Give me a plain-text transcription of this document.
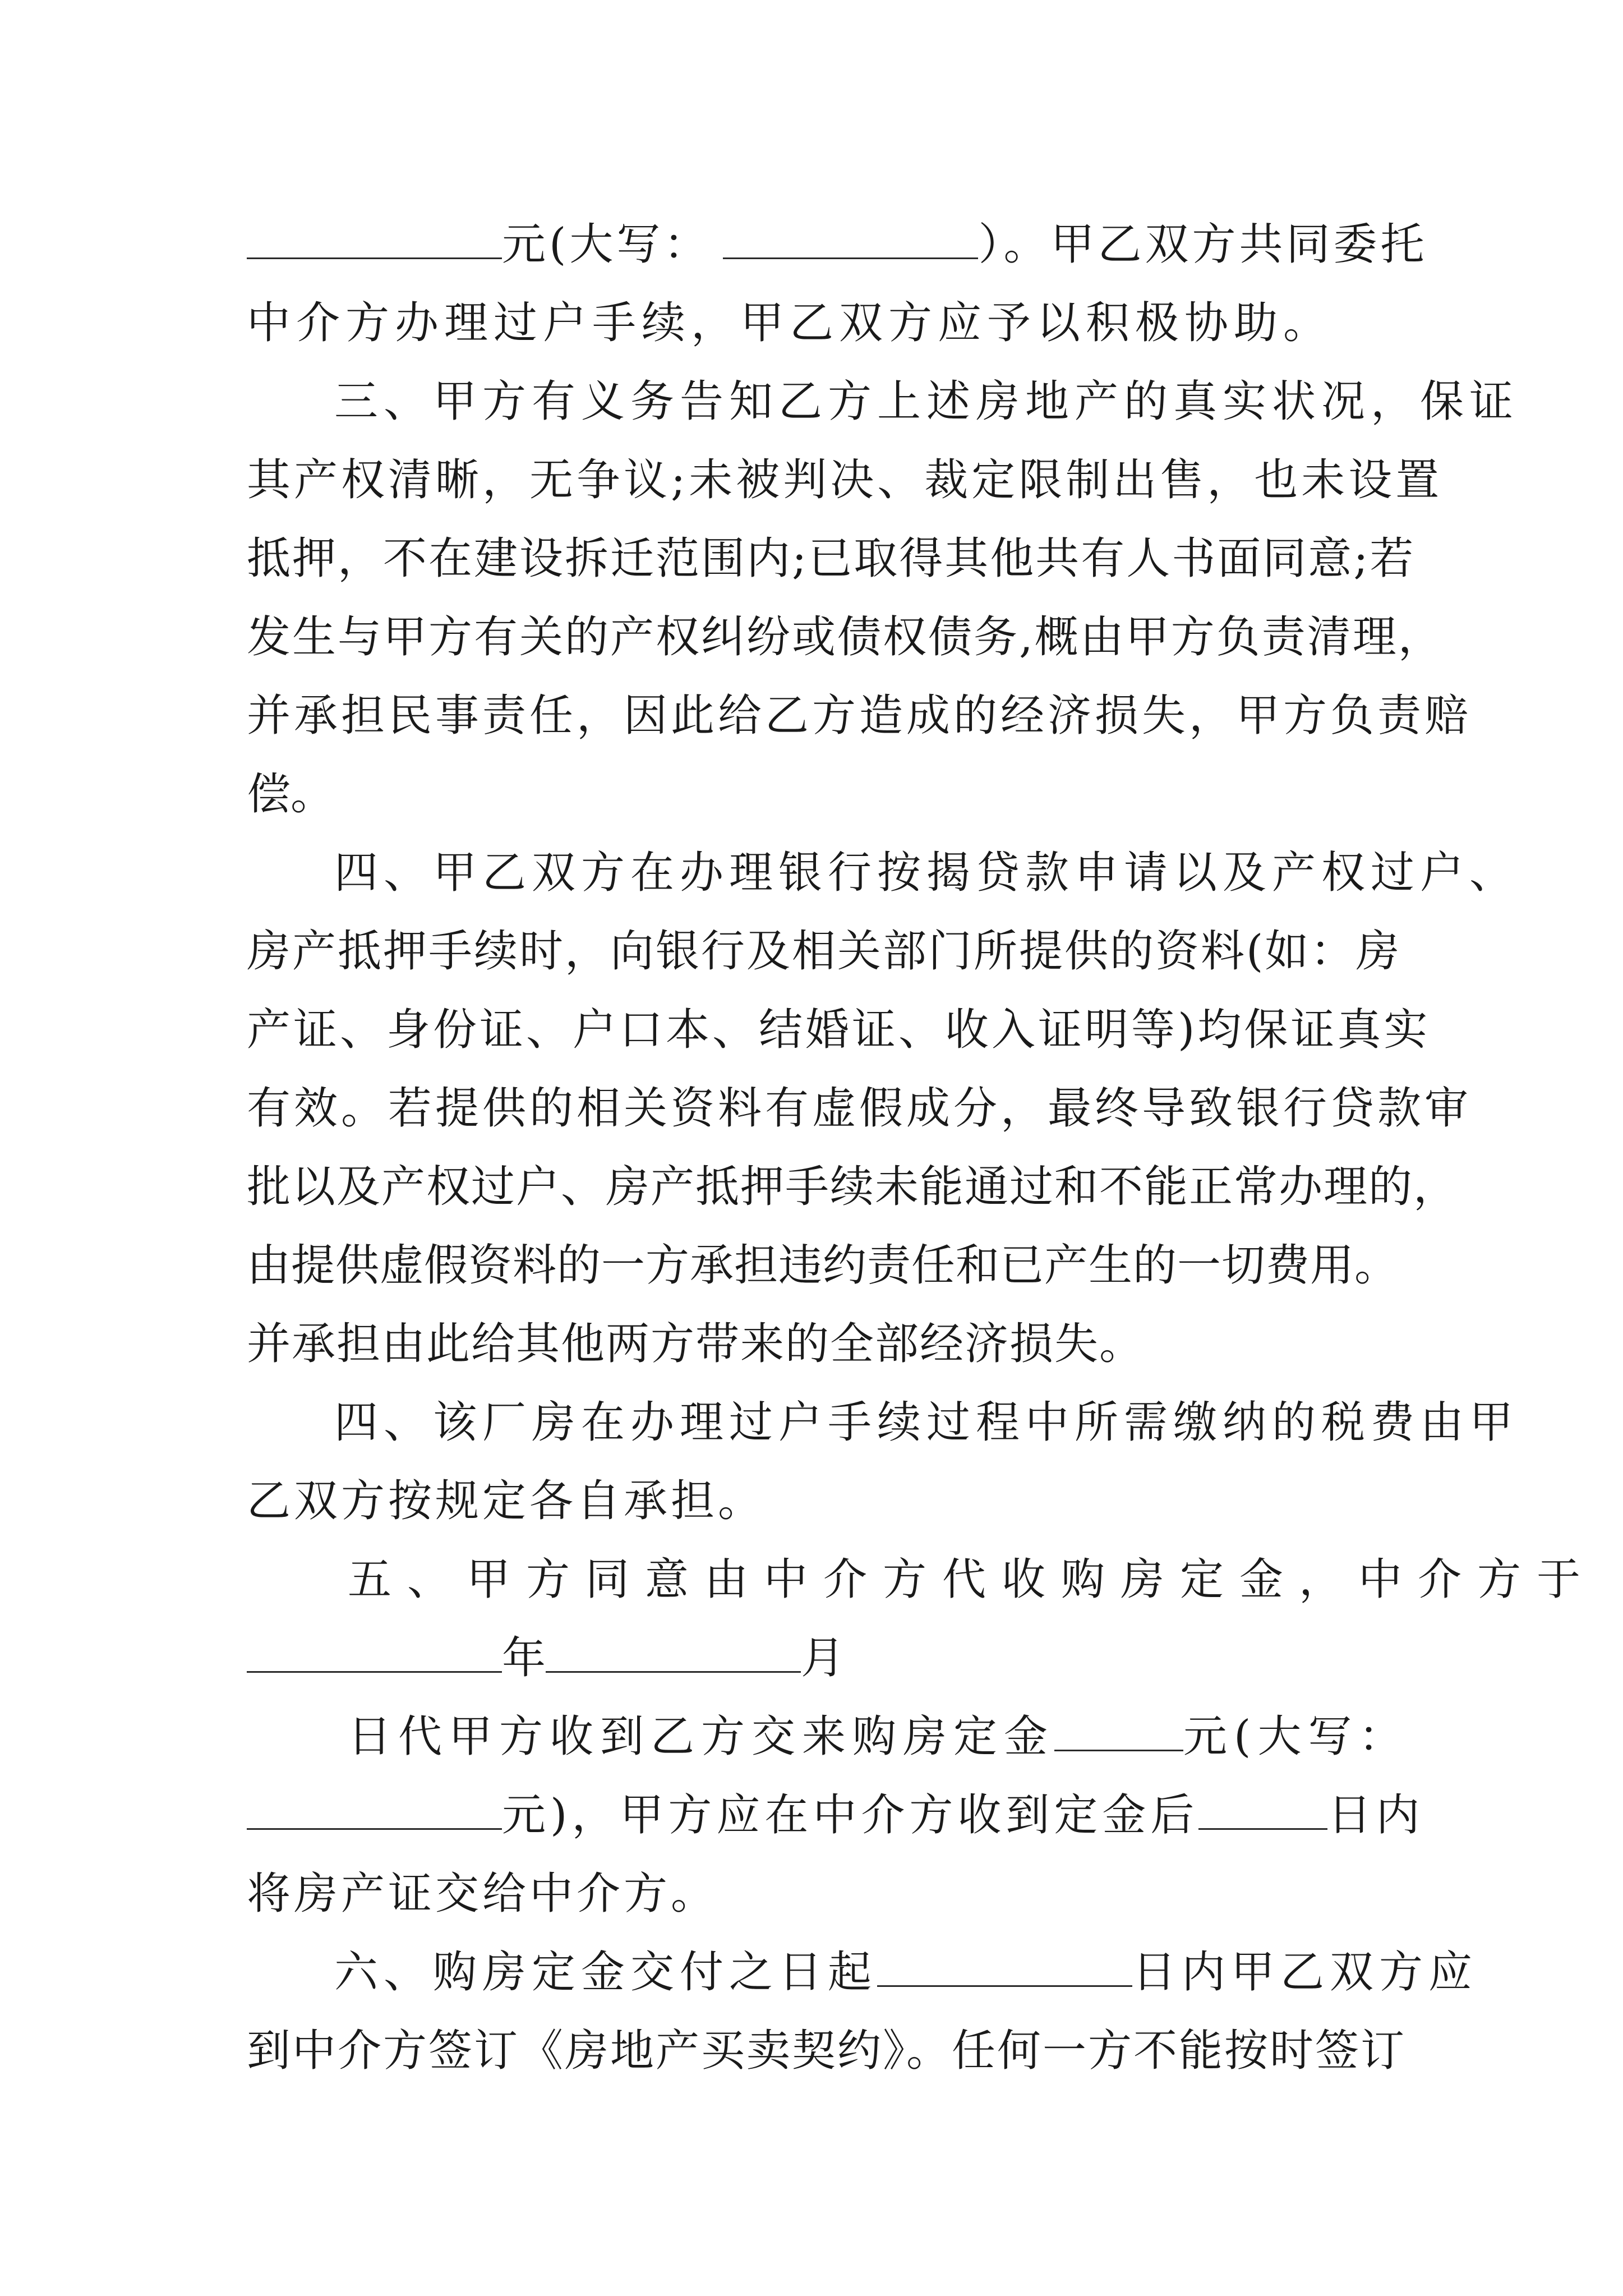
元(大写：	）。甲乙双方共同委托
中介方办理过户手续，甲乙双方应予以积极协助。
三、甲方有义务告知乙方上述房地产的真实状况，保证
其产权清晰，无争议;未被判决、裁定限制出售，也未设置
抵押，不在建设拆迁范围内;已取得其他共有人书面同意;若
发生与甲方有关的产权纠纷或债权债务,概由甲方负责清理，
并承担民事责任，因此给乙方造成的经济损失，甲方负责赔
偿。
四、甲乙双方在办理银行按揭贷款申请以及产权过户、
房产抵押手续时，向银行及相关部门所提供的资料(如：房
产证、身份证、户口本、结婚证、收入证明等)均保证真实
有效。若提供的相关资料有虚假成分，最终导致银行贷款审
批以及产权过户、房产抵押手续未能通过和不能正常办理的，
由提供虚假资料的一方承担违约责任和已产生的一切费用。
并承担由此给其他两方带来的全部经济损失。
四、该厂房在办理过户手续过程中所需缴纳的税费由甲
乙双方按规定各自承担。
五、甲方同意由中介方代收购房定金，中介方于
年	月
日代甲方收到乙方交来购房定金	元(大写：
元)，甲方应在中介方收到定金后	日内
将房产证交给中介方。
六、购房定金交付之日起	日内甲乙双方应
到中介方签订《房地产买卖契约》。任何一方不能按时签订
